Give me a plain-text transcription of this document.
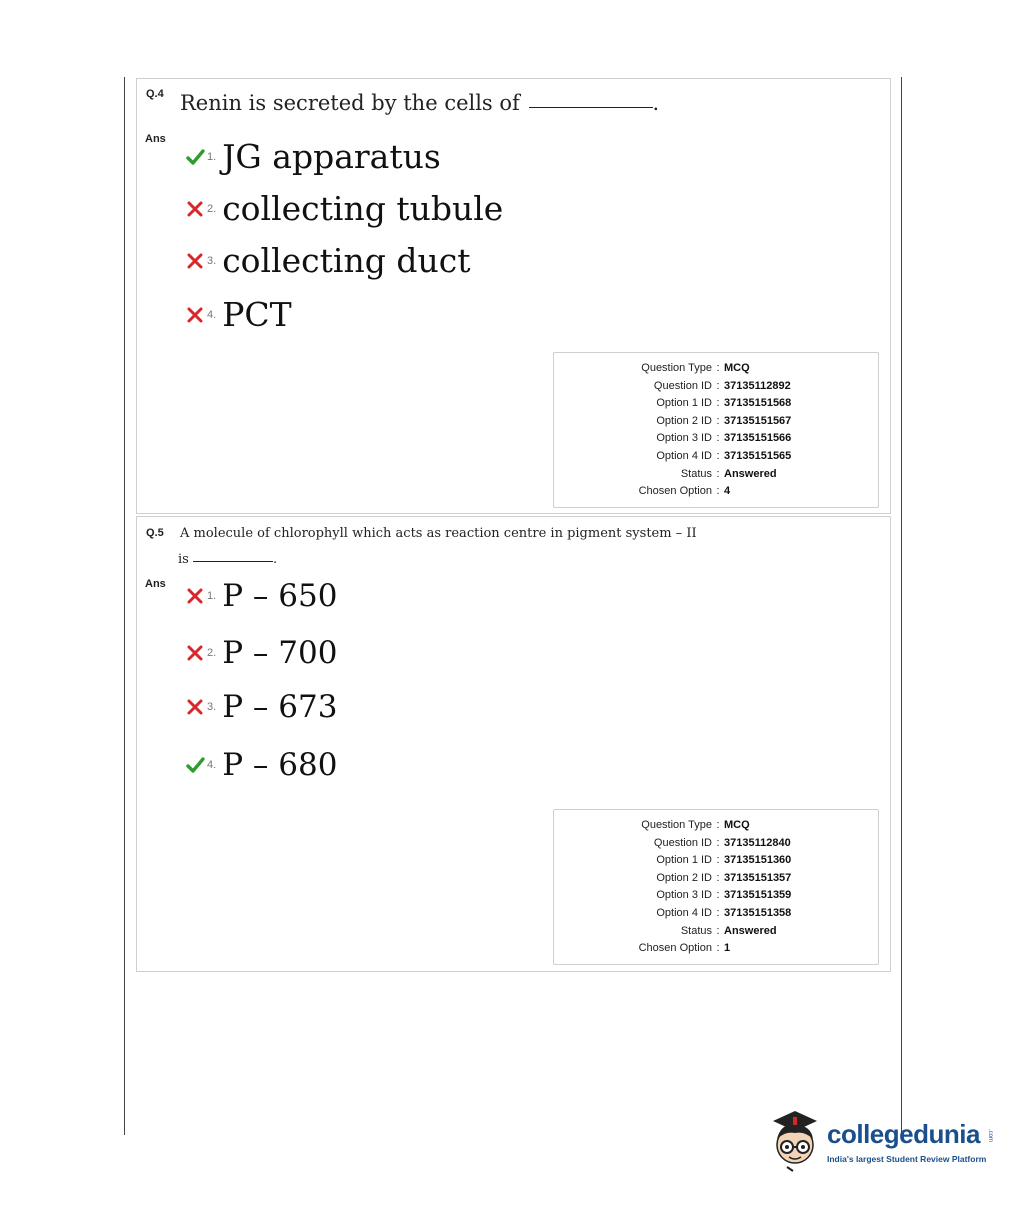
Q.4 Renin is secreted by the cells of	.
Ans
1. JG apparatus
2. collecting tubule
3. collecting duct
4. PCT
Question Type	:	MCQ
Question ID	:	37135112892
Option 1 ID	:	37135151568
Option 2 ID	:	37135151567
Option 3 ID	:	37135151566
Option 4 ID	:	37135151565
Status	:	Answered
Chosen Option	:	4
Q.5 A molecule of chlorophyll which acts as reaction centre in pigment system – II
is	.
Ans
1. P – 650
2. P – 700
3. P – 673
4. P – 680
Question Type	:	MCQ
Question ID	:	37135112840
Option 1 ID	:	37135151360
Option 2 ID	:	37135151357
Option 3 ID	:	37135151359
Option 4 ID	:	37135151358
Status	:	Answered
Chosen Option	:	1
collegedunia .com
India's largest Student Review Platform
